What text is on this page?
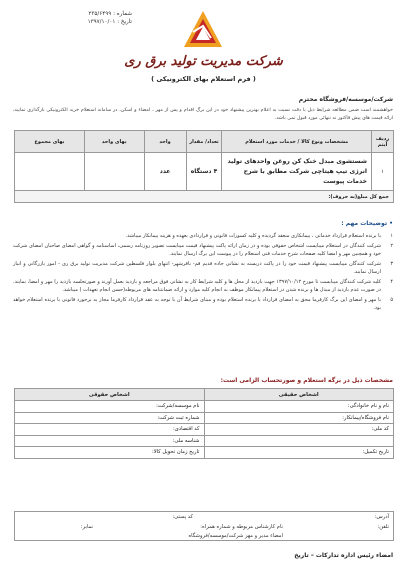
شماره : ۲۳۵/۶۴۹۹
تاریخ : ۱۳۹۷/۱۰/۰۱
شرکت مدیریت تولید برق ری
( فرم استعلام بهای الکترونیکی )
شرکت/موسسه/فروشگاه محترم
خواهشمند است ضمن مطالعه شرایط ذیل با دقت نسبت به اعلام بهترین پیشنهاد خود در این برگ اقدام و پس از مهر ، امضاء و اسکن، در سامانه استعلام خرید الکترونیکی بارگذاری نمایید، ارائه قیمت های پیش فاکتور نه تنهائی مورد قبول نمی باشد.
ردیف آیتم	مشخصات ونوع کالا / خدمات مورد استعلام	تعداد/ مقدار	واحد	بهای واحد	بهای مجموع
۱	شستشوی مبدل خنک کن روغن واحدهای تولید انرژی تیپ هیتاچی شرکت مطابق با شرح خدمات پیوست	۴ دستگاه	عدد		
جمع کل مبلغ(به حروف):					
• توضیحات مهم :
۱
با برنده استعلام قرارداد خدماتی ، پیمانکاری منعقد گردیده و کلیه کسورات قانونی و قراردادی بعهده و هزینه پیمانکار میباشد.
۲
شرکت کنندگان در استعلام میبایست اشخاص حقوقی بوده و در زمان ارائه پاکت پیشنهاد قیمت میبایست تصویر روزنامه رسمی، اساسنامه و گواهی امضای صاحبان امضای شرکت خود و همچنین مهر و امضا کلیه صفحات شرح خدمات فنی استعلام را در پیوست این برگ ارسال نمایند.
۳
شرکت کنندگان میبایست پیشنهاد قیمت خود را در پاکت دربسته به نشانی جاده قدیم قم- باقرشهر- انتهای بلوار فلسطین شرکت مدیریت تولید برق ری - امور بازرگانی و انبار ارسال نمایند.
۴
کلیه شرکت کنندگان میبایست تا مورخ ۱۳۹۷/۱۰/۱۲ جهت بازدید از محل ها و کلیه شرایط کار به نشانی فوق مراجعه و بازدید بعمل آورند و صورتجلسه بازدید را مهر و امضا، نمایند. در صورت عدم بازدید از مبدل ها و برنده شدن در استعلام پیمانکار موظف به انجام کلیه موارد و ارائه ضمانتنامه های مربوطه(حسن انجام تعهدات ) میباشد.
۵
با مهر و امضای این برگ کارفرما محق به امضای قرارداد با برنده استعلام بوده و مبنای شرایط آن با توجه به عقد قرارداد کارفرما مجاز به برخورد قانونی با برنده استعلام خواهد بود.
مشخصات ذیل در برگه استعلام و صورتحساب الزامی است:
اشخاص حقیقی	اشخاص حقوقی
نام و نام خانوادگی:	نام موسسه/شرکت:
نام فروشگاه/پیمانکار:	شماره ثبت شرکت:
کد ملی:	کد اقتصادی:
	شناسه ملی:
تاریخ تکمیل:	تاریخ زمان تحویل کالا:
آدرس:
کد پستی:
تلفن:
نام کارشناس مربوطه و شماره همراه:
نمابر:
امضاء مدیر و مهر شرکت/موسسه/فروشگاه
امضاء رئیس اداره تدارکات – تاریخ
